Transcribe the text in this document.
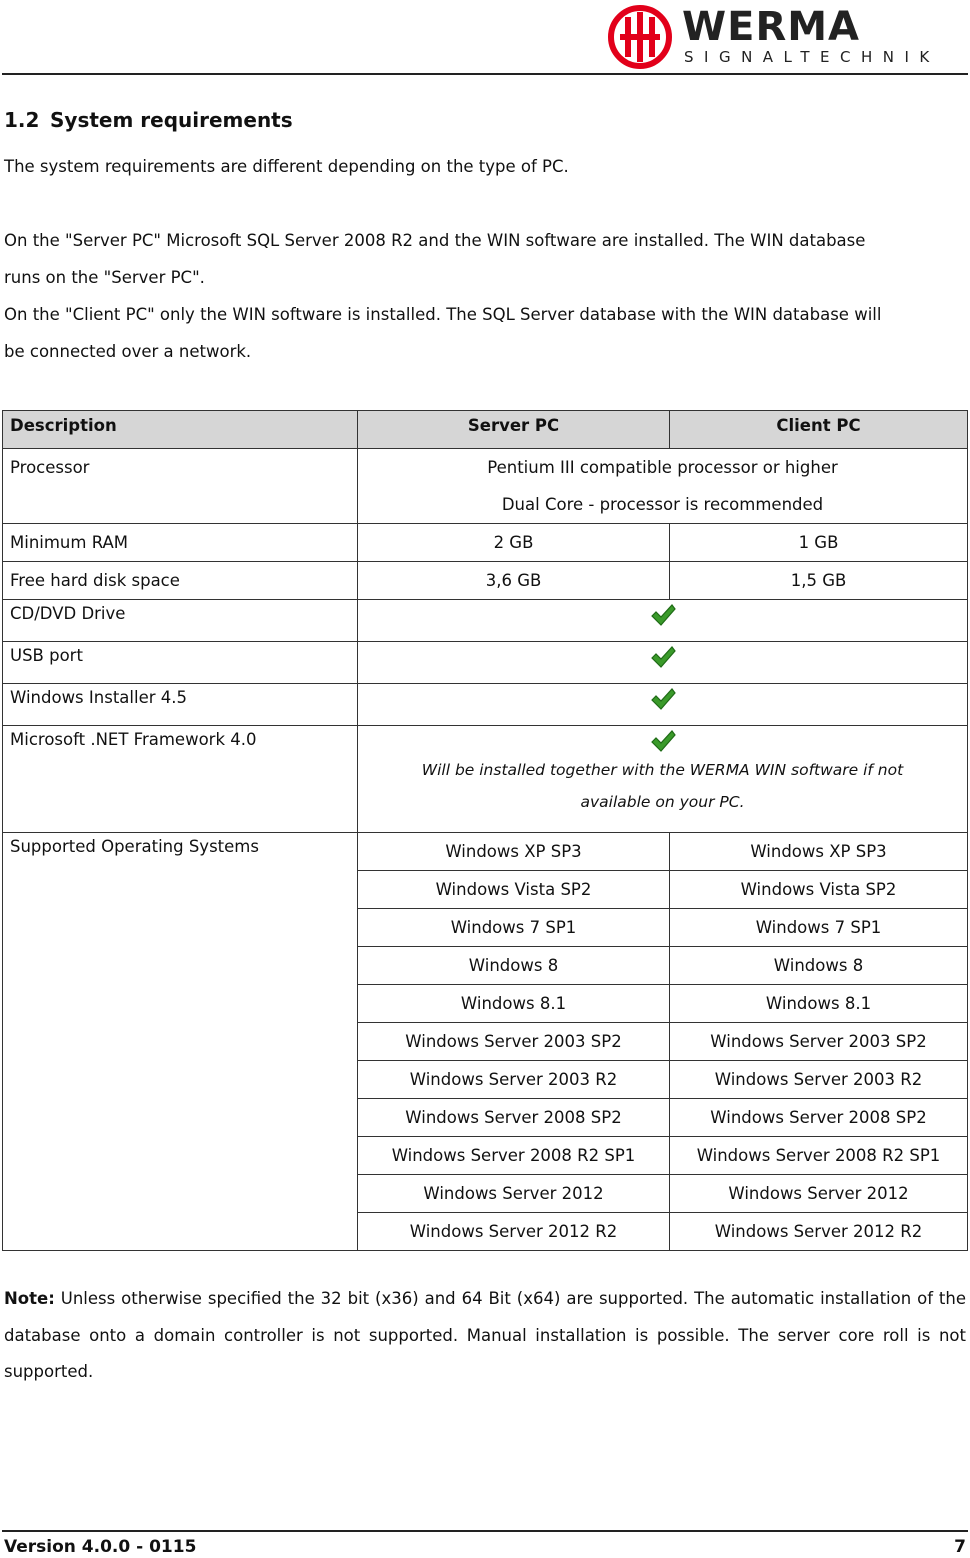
WERMA
SIGNALTECHNIK
1.2 System requirements

The system requirements are different depending on the type of PC.

On the "Server PC" Microsoft SQL Server 2008 R2 and the WIN software are installed. The WIN database runs on the "Server PC".

On the "Client PC" only the WIN software is installed. The SQL Server database with the WIN database will be connected over a network.

Description	Server PC	Client PC
Processor	Pentium III compatible processor or higher
Dual Core - processor is recommended	

Minimum RAM	2 GB	1 GB
Free hard disk space	3,6 GB	1,5 GB
CD/DVD Drive	

USB port	

Windows Installer 4.5	

Microsoft .NET Framework 4.0	Will be installed together with the WERMA WIN software if not
available on your PC.	

Supported Operating Systems	Windows XP SP3	Windows XP SP3
	Windows Vista SP2	Windows Vista SP2
	Windows 7 SP1	Windows 7 SP1
	Windows 8	Windows 8
	Windows 8.1	Windows 8.1
	Windows Server 2003 SP2	Windows Server 2003 SP2
	Windows Server 2003 R2	Windows Server 2003 R2
	Windows Server 2008 SP2	Windows Server 2008 SP2
	Windows Server 2008 R2 SP1	Windows Server 2008 R2 SP1
	Windows Server 2012	Windows Server 2012
	Windows Server 2012 R2	Windows Server 2012 R2

Note: Unless otherwise specified the 32 bit (x36) and 64 Bit (x64) are supported. The automatic installation of the database onto a domain controller is not supported. Manual installation is possible. The server core roll is not supported.

Version 4.0.0 - 0115	7
